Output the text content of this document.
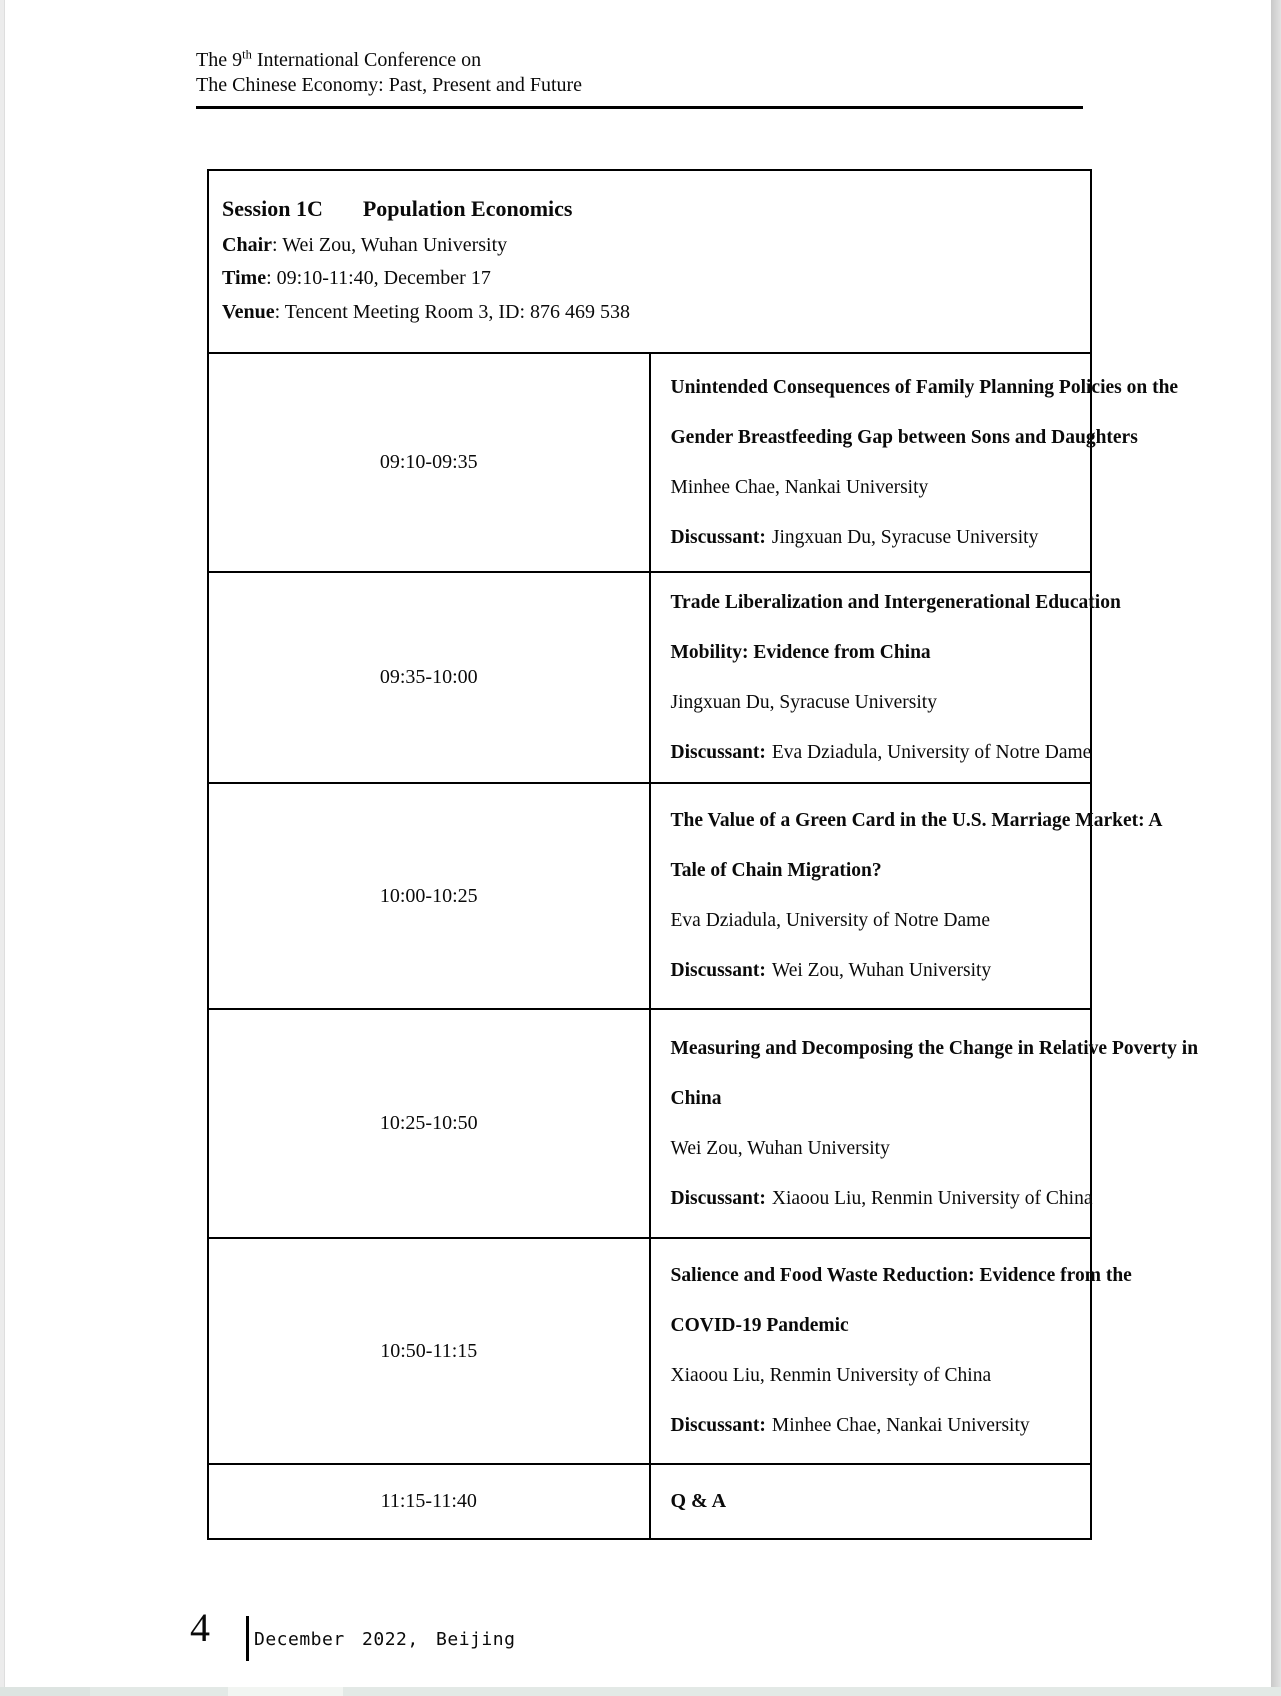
The 9th International Conference on
The Chinese Economy: Past, Present and Future
Session 1C Population Economics
Chair: Wei Zou, Wuhan University
Time: 09:10-11:40, December 17
Venue: Tencent Meeting Room 3, ID: 876 469 538	

09:10-09:35	Unintended Consequences of Family Planning Policies on the
Gender Breastfeeding Gap between Sons and Daughters
Minhee Chae, Nankai University
Discussant: Jingxuan Du, Syracuse University

09:35-10:00	Trade Liberalization and Intergenerational Education
Mobility: Evidence from China
Jingxuan Du, Syracuse University
Discussant: Eva Dziadula, University of Notre Dame

10:00-10:25	The Value of a Green Card in the U.S. Marriage Market: A
Tale of Chain Migration?
Eva Dziadula, University of Notre Dame
Discussant: Wei Zou, Wuhan University

10:25-10:50	Measuring and Decomposing the Change in Relative Poverty in
China
Wei Zou, Wuhan University
Discussant: Xiaoou Liu, Renmin University of China

10:50-11:15	Salience and Food Waste Reduction: Evidence from the
COVID-19 Pandemic
Xiaoou Liu, Renmin University of China
Discussant: Minhee Chae, Nankai University

11:15-11:40	Q & A
4 December 2022, Beijing
